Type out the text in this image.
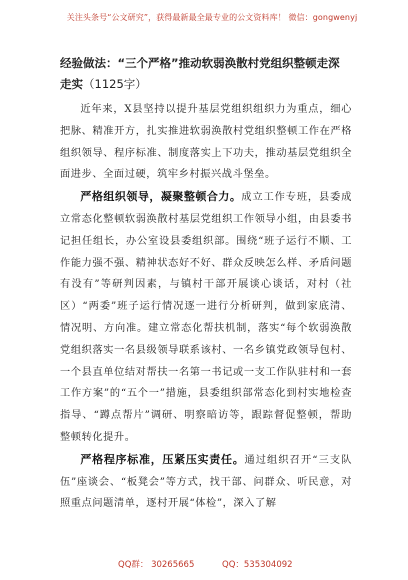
关注头条号“公文研究”，获得最新最全最专业的公文资料库！ 微信：gongwenyj
经验做法：“三个严格”推动软弱涣散村党组织整顿走深
走实（1125字）

近年来，X县坚持以提升基层党组织组织力为重点，细心把脉、精准开方，扎实推进软弱涣散村党组织整顿工作在严格组织领导、程序标准、制度落实上下功夫，推动基层党组织全面进步、全面过硬，筑牢乡村振兴战斗堡垒。

严格组织领导，凝聚整顿合力。成立工作专班，县委成立常态化整顿软弱涣散村基层党组织工作领导小组，由县委书记担任组长，办公室设县委组织部。围绕“班子运行不顺、工作能力强不强、精神状态好不好、群众反映怎么样、矛盾问题有没有”等研判因素，与镇村干部开展谈心谈话，对村（社区）“两委”班子运行情况逐一进行分析研判，做到家底清、情况明、方向准。建立常态化帮扶机制，落实“每个软弱涣散党组织落实一名县级领导联系该村、一名乡镇党政领导包村、一个县直单位结对帮扶一名第一书记或一支工作队驻村和一套工作方案”的“五个一”措施，县委组织部常态化到村实地检查指导、“蹲点帮片”调研、明察暗访等，跟踪督促整顿，帮助整顿转化提升。

严格程序标准，压紧压实责任。通过组织召开“三支队伍”座谈会、“板凳会”等方式，找干部、问群众、听民意，对照重点问题清单，逐村开展“体检”，深入了解

QQ群： 30265665	QQ：535304092
